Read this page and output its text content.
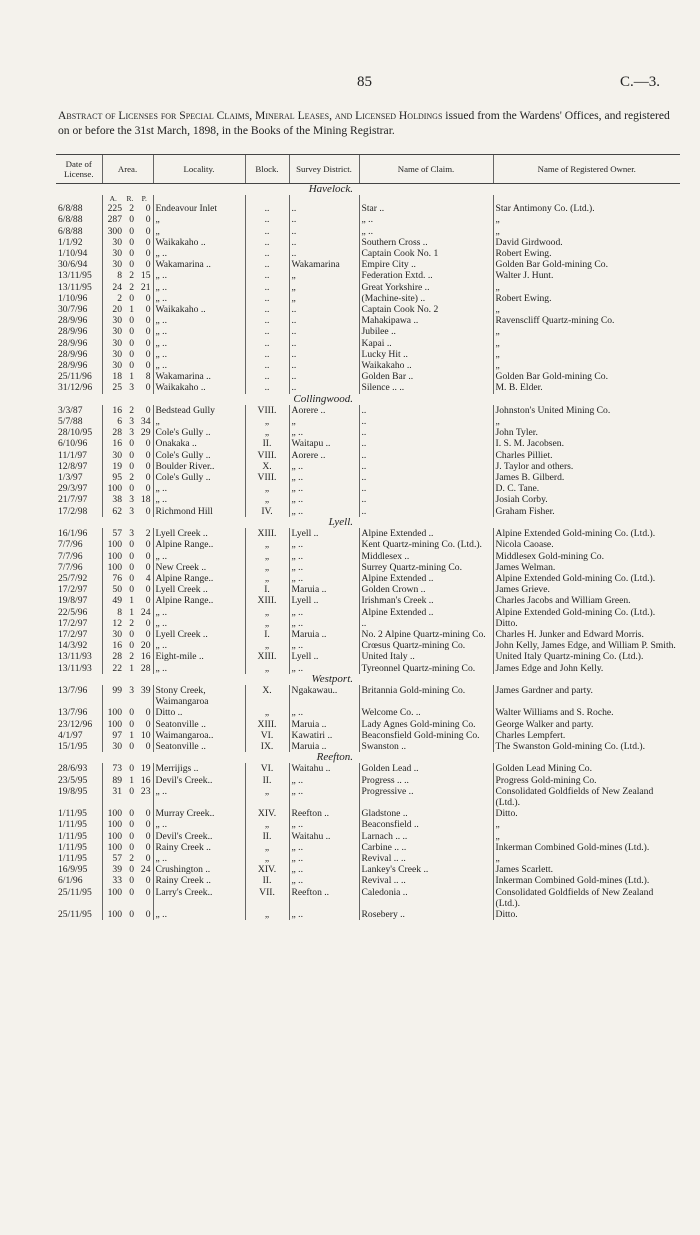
85	C.—3.
Abstract of Licenses for Special Claims, Mineral Leases, and Licensed Holdings issued from the Wardens' Offices, and registered on or before the 31st March, 1898, in the Books of the Mining Registrar.
Date of License.	Area.			Locality.	Block.	Survey District.	Name of Claim.	Name of Registered Owner.
Havelock.								
	A.	R.	P.					
6/8/88	225	2	0	Endeavour Inlet	..	..	Star ..	Star Antimony Co. (Ltd.).
6/8/88	287	0	0	„	..	..	„ ..	„
6/8/88	300	0	0	„	..	..	„ ..	„
1/1/92	30	0	0	Waikakaho ..	..	..	Southern Cross ..	David Girdwood.
1/10/94	30	0	0	„ ..	..	..	Captain Cook No. 1	Robert Ewing.
30/6/94	30	0	0	Wakamarina ..	..	Wakamarina	Empire City ..	Golden Bar Gold-mining Co.
13/11/95	8	2	15	„ ..	..	„	Federation Extd. ..	Walter J. Hunt.
13/11/95	24	2	21	„ ..	..	„	Great Yorkshire ..	„
1/10/96	2	0	0	„ ..	..	„	(Machine-site) ..	Robert Ewing.
30/7/96	20	1	0	Waikakaho ..	..	..	Captain Cook No. 2	„
28/9/96	30	0	0	„ ..	..	..	Mahakipawa ..	Ravenscliff Quartz-mining Co.
28/9/96	30	0	0	„ ..	..	..	Jubilee ..	„
28/9/96	30	0	0	„ ..	..	..	Kapai ..	„
28/9/96	30	0	0	„ ..	..	..	Lucky Hit ..	„
28/9/96	30	0	0	„ ..	..	..	Waikakaho ..	„
25/11/96	18	1	8	Wakamarina ..	..	..	Golden Bar ..	Golden Bar Gold-mining Co.
31/12/96	25	3	0	Waikakaho ..	..	..	Silence .. ..	M. B. Elder.
Collingwood.								
3/3/87	16	2	0	Bedstead Gully	VIII.	Aorere ..	..	Johnston's United Mining Co.
5/7/88	6	3	34	„	„	„	..	„
28/10/95	28	3	29	Cole's Gully ..	„	„ ..	..	John Tyler.
6/10/96	16	0	0	Onakaka ..	II.	Waitapu ..	..	I. S. M. Jacobsen.
11/1/97	30	0	0	Cole's Gully ..	VIII.	Aorere ..	..	Charles Pilliet.
12/8/97	19	0	0	Boulder River..	X.	„ ..	..	J. Taylor and others.
1/3/97	95	2	0	Cole's Gully ..	VIII.	„ ..	..	James B. Gilberd.
29/3/97	100	0	0	„ ..	„	„ ..	..	D. C. Tane.
21/7/97	38	3	18	„ ..	„	„ ..	..	Josiah Corby.
17/2/98	62	3	0	Richmond Hill	IV.	„ ..	..	Graham Fisher.
Lyell.								
16/1/96	57	3	2	Lyell Creek ..	XIII.	Lyell ..	Alpine Extended ..	Alpine Extended Gold-mining Co. (Ltd.).
7/7/96	100	0	0	Alpine Range..	„	„ ..	Kent Quartz-mining Co. (Ltd.).	Nicola Caoase.
7/7/96	100	0	0	„ ..	„	„ ..	Middlesex ..	Middlesex Gold-mining Co.
7/7/96	100	0	0	New Creek ..	„	„ ..	Surrey Quartz-mining Co.	James Welman.
25/7/92	76	0	4	Alpine Range..	„	„ ..	Alpine Extended ..	Alpine Extended Gold-mining Co. (Ltd.).
17/2/97	50	0	0	Lyell Creek ..	I.	Maruia ..	Golden Crown ..	James Grieve.
19/8/97	49	1	0	Alpine Range..	XIII.	Lyell ..	Irishman's Creek ..	Charles Jacobs and William Green.
22/5/96	8	1	24	„ ..	„	„ ..	Alpine Extended ..	Alpine Extended Gold-mining Co. (Ltd.).
17/2/97	12	2	0	„ ..	„	„ ..	..	Ditto.
17/2/97	30	0	0	Lyell Creek ..	I.	Maruia ..	No. 2 Alpine Quartz-mining Co.	Charles H. Junker and Edward Morris.
14/3/92	16	0	20	„ ..	„	„ ..	Crœsus Quartz-mining Co.	John Kelly, James Edge, and William P. Smith.
13/11/93	28	2	16	Eight-mile ..	XIII.	Lyell ..	United Italy ..	United Italy Quartz-mining Co. (Ltd.).
13/11/93	22	1	28	„ ..	„	„ ..	Tyreonnel Quartz-mining Co.	James Edge and John Kelly.
Westport.								
13/7/96	99	3	39	Stony Creek, Waimangaroa	X.	Ngakawau..	Britannia Gold-mining Co.	James Gardner and party.
13/7/96	100	0	0	Ditto ..	„	„ ..	Welcome Co. ..	Walter Williams and S. Roche.
23/12/96	100	0	0	Seatonville ..	XIII.	Maruia ..	Lady Agnes Gold-mining Co.	George Walker and party.
4/1/97	97	1	10	Waimangaroa..	VI.	Kawatiri ..	Beaconsfield Gold-mining Co.	Charles Lempfert.
15/1/95	30	0	0	Seatonville ..	IX.	Maruia ..	Swanston ..	The Swanston Gold-mining Co. (Ltd.).
Reefton.								
28/6/93	73	0	19	Merrijigs ..	VI.	Waitahu ..	Golden Lead ..	Golden Lead Mining Co.
23/5/95	89	1	16	Devil's Creek..	II.	„ ..	Progress .. ..	Progress Gold-mining Co.
19/8/95	31	0	23	„ ..	„	„ ..	Progressive ..	Consolidated Goldfields of New Zealand (Ltd.).
1/11/95	100	0	0	Murray Creek..	XIV.	Reefton ..	Gladstone ..	Ditto.
1/11/95	100	0	0	„ ..	„	„ ..	Beaconsfield ..	„
1/11/95	100	0	0	Devil's Creek..	II.	Waitahu ..	Larnach .. ..	„
1/11/95	100	0	0	Rainy Creek ..	„	„ ..	Carbine .. ..	Inkerman Combined Gold-mines (Ltd.).
1/11/95	57	2	0	„ ..	„	„ ..	Revival .. ..	„
16/9/95	39	0	24	Crushington ..	XIV.	„ ..	Lankey's Creek ..	James Scarlett.
6/1/96	33	0	0	Rainy Creek ..	II.	„ ..	Revival .. ..	Inkerman Combined Gold-mines (Ltd.).
25/11/95	100	0	0	Larry's Creek..	VII.	Reefton ..	Caledonia ..	Consolidated Goldfields of New Zealand (Ltd.).
25/11/95	100	0	0	„ ..	„	„ ..	Rosebery ..	Ditto.
